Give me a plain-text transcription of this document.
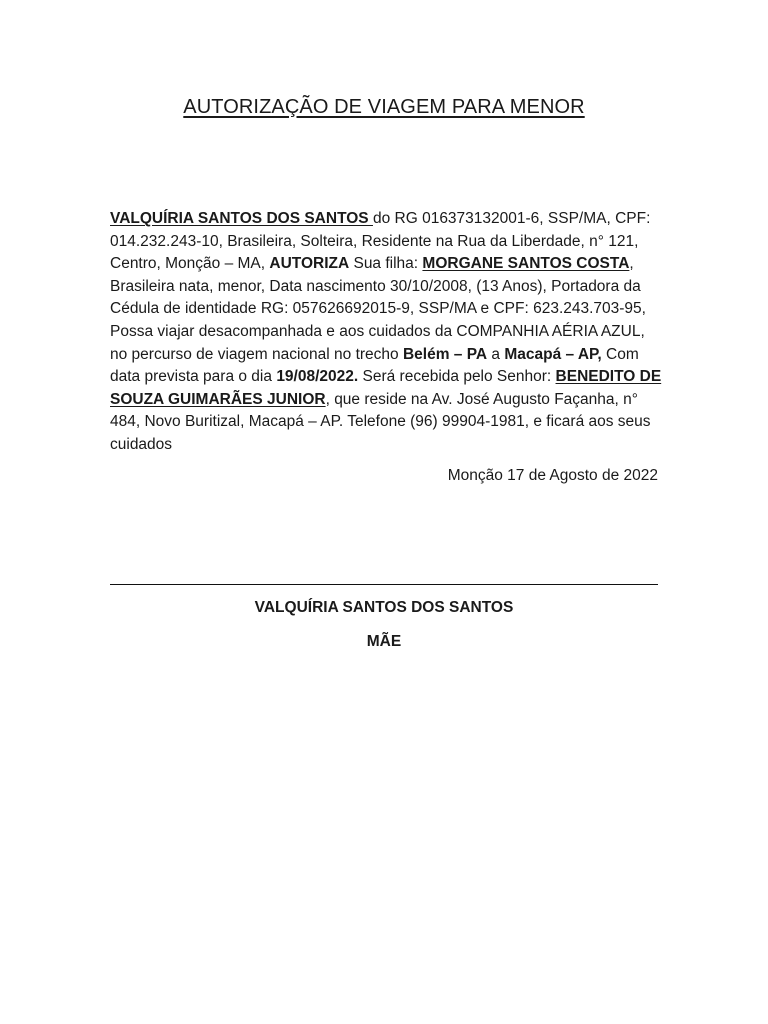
AUTORIZAÇÃO DE VIAGEM PARA MENOR
VALQUÍRIA SANTOS DOS SANTOS do RG 016373132001-6, SSP/MA, CPF: 014.232.243-10, Brasileira, Solteira, Residente na Rua da Liberdade, n° 121, Centro, Monção – MA, AUTORIZA Sua filha: MORGANE SANTOS COSTA, Brasileira nata, menor, Data nascimento 30/10/2008, (13 Anos), Portadora da Cédula de identidade RG: 057626692015-9, SSP/MA e CPF: 623.243.703-95, Possa viajar desacompanhada e aos cuidados da COMPANHIA AÉRIA AZUL, no percurso de viagem nacional no trecho Belém – PA a Macapá – AP, Com data prevista para o dia 19/08/2022. Será recebida pelo Senhor: BENEDITO DE SOUZA GUIMARÃES JUNIOR, que reside na Av. José Augusto Façanha, n° 484, Novo Buritizal, Macapá – AP. Telefone (96) 99904-1981, e ficará aos seus cuidados
Monção 17 de Agosto de 2022
VALQUÍRIA SANTOS DOS SANTOS
MÃE
